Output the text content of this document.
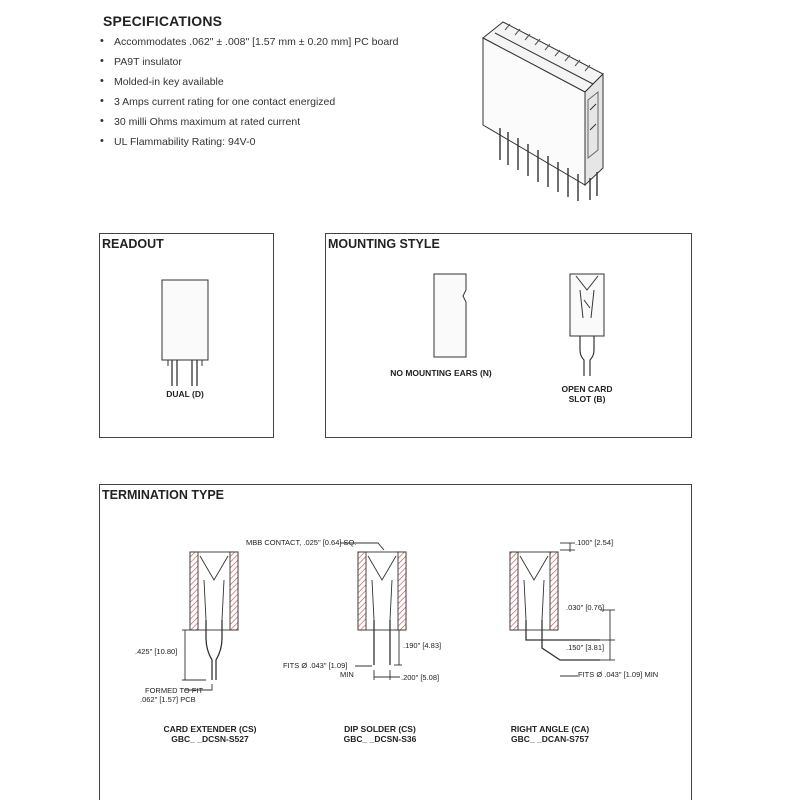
SPECIFICATIONS
• Accommodates .062" ± .008" [1.57 mm ± 0.20 mm] PC board
• PA9T insulator
• Molded-in key available
• 3 Amps current rating for one contact energized
• 30 milli Ohms maximum at rated current
• UL Flammability Rating: 94V-0
READOUT
DUAL (D)
MOUNTING STYLE
NO MOUNTING EARS (N)
OPEN CARD
SLOT (B)
TERMINATION TYPE
CARD EXTENDER (CS)
GBC_ _DCSN-S527
DIP SOLDER (CS)
GBC_ _DCSN-S36
RIGHT ANGLE (CA)
GBC_ _DCAN-S757
.425" [10.80]
FORMED TO FIT
.062" [1.57] PCB
MBB CONTACT, .025" [0.64] SQ.
.190" [4.83]
FITS Ø .043" [1.09]
MIN	.200" [5.08]
.100" [2.54]
.030" [0.76]
.150" [3.81]
FITS Ø .043" [1.09] MIN
